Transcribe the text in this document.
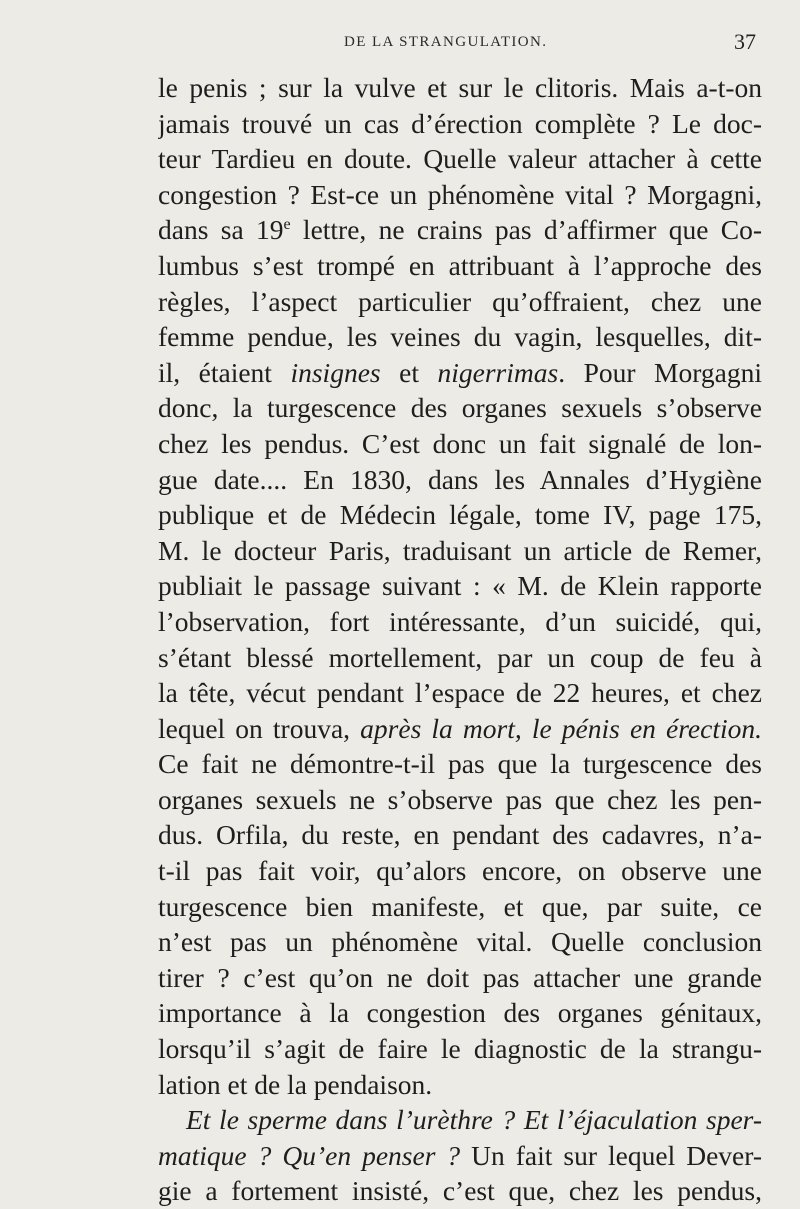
DE LA STRANGULATION.	37
le penis ; sur la vulve et sur le clitoris. Mais a-t-on
jamais trouvé un cas d’érection complète ? Le doc-
teur Tardieu en doute. Quelle valeur attacher à cette
congestion ? Est-ce un phénomène vital ? Morgagni,
dans sa 19e lettre, ne crains pas d’affirmer que Co-
lumbus s’est trompé en attribuant à l’approche des
règles, l’aspect particulier qu’offraient, chez une
femme pendue, les veines du vagin, lesquelles, dit-
il, étaient insignes et nigerrimas. Pour Morgagni
donc, la turgescence des organes sexuels s’observe
chez les pendus. C’est donc un fait signalé de lon-
gue date.... En 1830, dans les Annales d’Hygiène
publique et de Médecin légale, tome IV, page 175,
M. le docteur Paris, traduisant un article de Remer,
publiait le passage suivant : « M. de Klein rapporte
l’observation, fort intéressante, d’un suicidé, qui,
s’étant blessé mortellement, par un coup de feu à
la tête, vécut pendant l’espace de 22 heures, et chez
lequel on trouva, après la mort, le pénis en érection.
Ce fait ne démontre-t-il pas que la turgescence des
organes sexuels ne s’observe pas que chez les pen-
dus. Orfila, du reste, en pendant des cadavres, n’a-
t-il pas fait voir, qu’alors encore, on observe une
turgescence bien manifeste, et que, par suite, ce
n’est pas un phénomène vital. Quelle conclusion
tirer ? c’est qu’on ne doit pas attacher une grande
importance à la congestion des organes génitaux,
lorsqu’il s’agit de faire le diagnostic de la strangu-
lation et de la pendaison.
Et le sperme dans l’urèthre ? Et l’éjaculation sper-
matique ? Qu’en penser ? Un fait sur lequel Dever-
gie a fortement insisté, c’est que, chez les pendus,
